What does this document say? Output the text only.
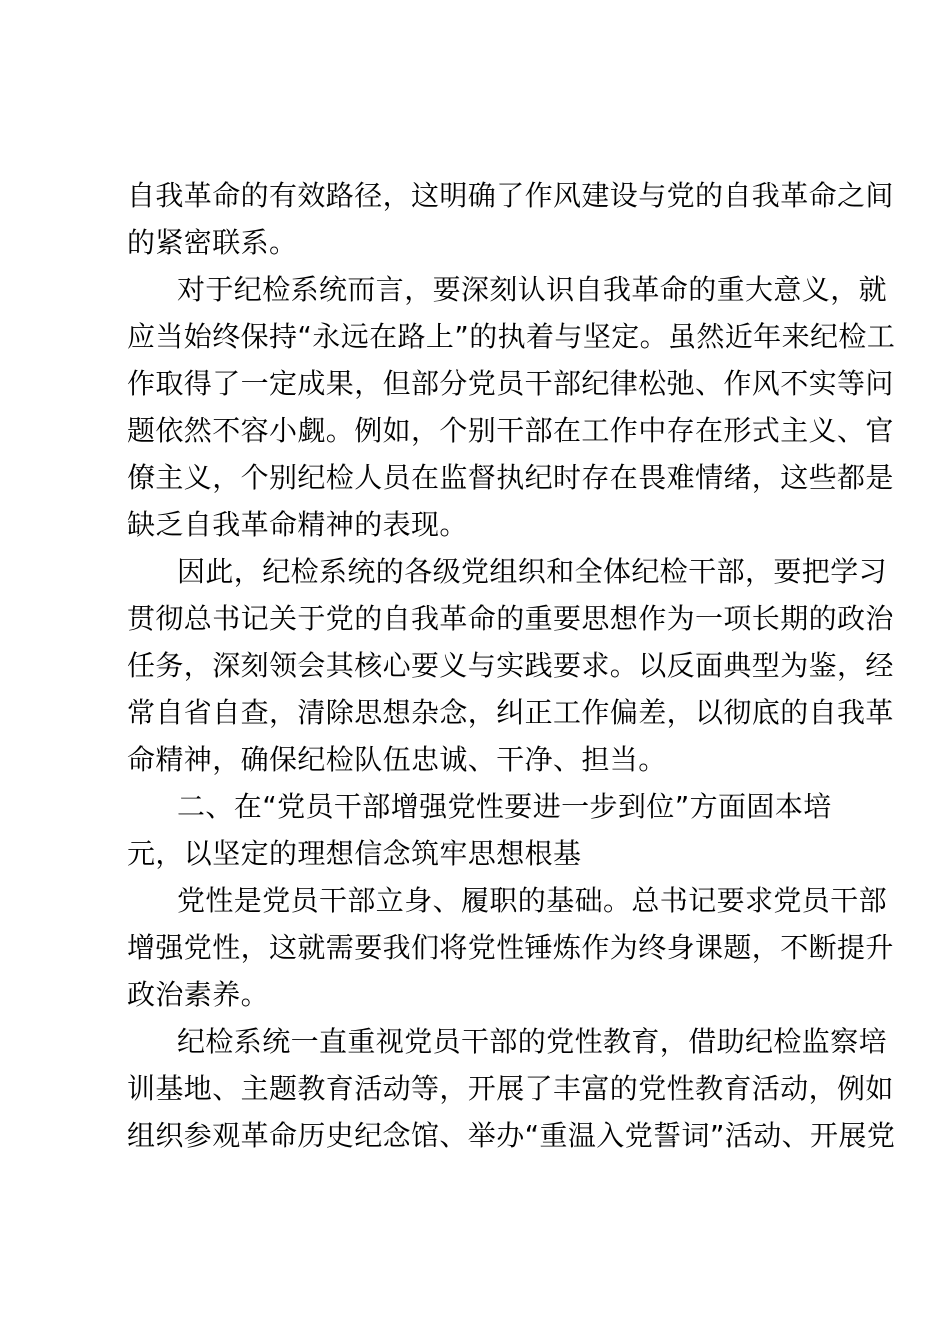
自我革命的有效路径，这明确了作风建设与党的自我革命之间
的紧密联系。
对于纪检系统而言，要深刻认识自我革命的重大意义，就
应当始终保持“永远在路上”的执着与坚定。虽然近年来纪检工
作取得了一定成果，但部分党员干部纪律松弛、作风不实等问
题依然不容小觑。例如，个别干部在工作中存在形式主义、官
僚主义，个别纪检人员在监督执纪时存在畏难情绪，这些都是
缺乏自我革命精神的表现。
因此，纪检系统的各级党组织和全体纪检干部，要把学习
贯彻总书记关于党的自我革命的重要思想作为一项长期的政治
任务，深刻领会其核心要义与实践要求。以反面典型为鉴，经
常自省自查，清除思想杂念，纠正工作偏差，以彻底的自我革
命精神，确保纪检队伍忠诚、干净、担当。
二、在“党员干部增强党性要进一步到位”方面固本培
元，以坚定的理想信念筑牢思想根基
党性是党员干部立身、履职的基础。总书记要求党员干部
增强党性，这就需要我们将党性锤炼作为终身课题，不断提升
政治素养。
纪检系统一直重视党员干部的党性教育，借助纪检监察培
训基地、主题教育活动等，开展了丰富的党性教育活动，例如
组织参观革命历史纪念馆、举办“重温入党誓词”活动、开展党
